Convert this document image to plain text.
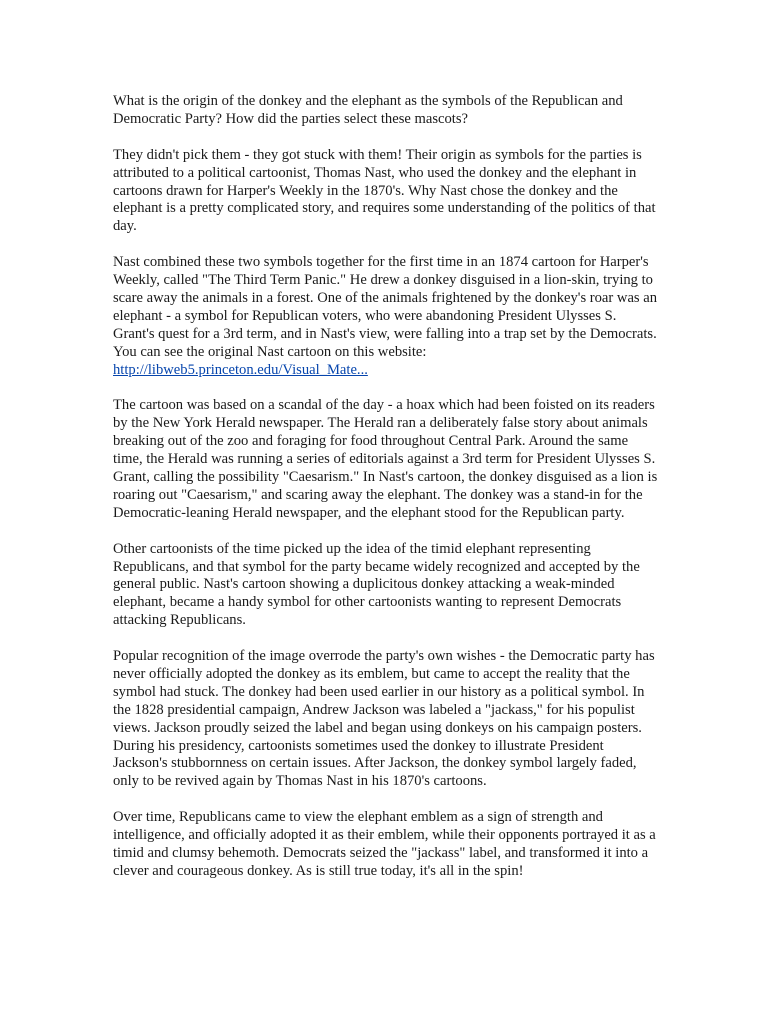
What is the origin of the donkey and the elephant as the symbols of the Republican and Democratic Party? How did the parties select these mascots?

They didn't pick them - they got stuck with them! Their origin as symbols for the parties is attributed to a political cartoonist, Thomas Nast, who used the donkey and the elephant in cartoons drawn for Harper's Weekly in the 1870's. Why Nast chose the donkey and the elephant is a pretty complicated story, and requires some understanding of the politics of that day.

Nast combined these two symbols together for the first time in an 1874 cartoon for Harper's Weekly, called "The Third Term Panic." He drew a donkey disguised in a lion-skin, trying to scare away the animals in a forest. One of the animals frightened by the donkey's roar was an elephant - a symbol for Republican voters, who were abandoning President Ulysses S. Grant's quest for a 3rd term, and in Nast's view, were falling into a trap set by the Democrats. You can see the original Nast cartoon on this website:
http://libweb5.princeton.edu/Visual_Mate...

The cartoon was based on a scandal of the day - a hoax which had been foisted on its readers by the New York Herald newspaper. The Herald ran a deliberately false story about animals breaking out of the zoo and foraging for food throughout Central Park. Around the same time, the Herald was running a series of editorials against a 3rd term for President Ulysses S. Grant, calling the possibility "Caesarism." In Nast's cartoon, the donkey disguised as a lion is roaring out "Caesarism," and scaring away the elephant. The donkey was a stand-in for the Democratic-leaning Herald newspaper, and the elephant stood for the Republican party.

Other cartoonists of the time picked up the idea of the timid elephant representing Republicans, and that symbol for the party became widely recognized and accepted by the general public. Nast's cartoon showing a duplicitous donkey attacking a weak-minded elephant, became a handy symbol for other cartoonists wanting to represent Democrats attacking Republicans.

Popular recognition of the image overrode the party's own wishes - the Democratic party has never officially adopted the donkey as its emblem, but came to accept the reality that the symbol had stuck. The donkey had been used earlier in our history as a political symbol. In the 1828 presidential campaign, Andrew Jackson was labeled a "jackass," for his populist views. Jackson proudly seized the label and began using donkeys on his campaign posters. During his presidency, cartoonists sometimes used the donkey to illustrate President Jackson's stubbornness on certain issues. After Jackson, the donkey symbol largely faded, only to be revived again by Thomas Nast in his 1870's cartoons.

Over time, Republicans came to view the elephant emblem as a sign of strength and intelligence, and officially adopted it as their emblem, while their opponents portrayed it as a timid and clumsy behemoth. Democrats seized the "jackass" label, and transformed it into a clever and courageous donkey. As is still true today, it's all in the spin!
